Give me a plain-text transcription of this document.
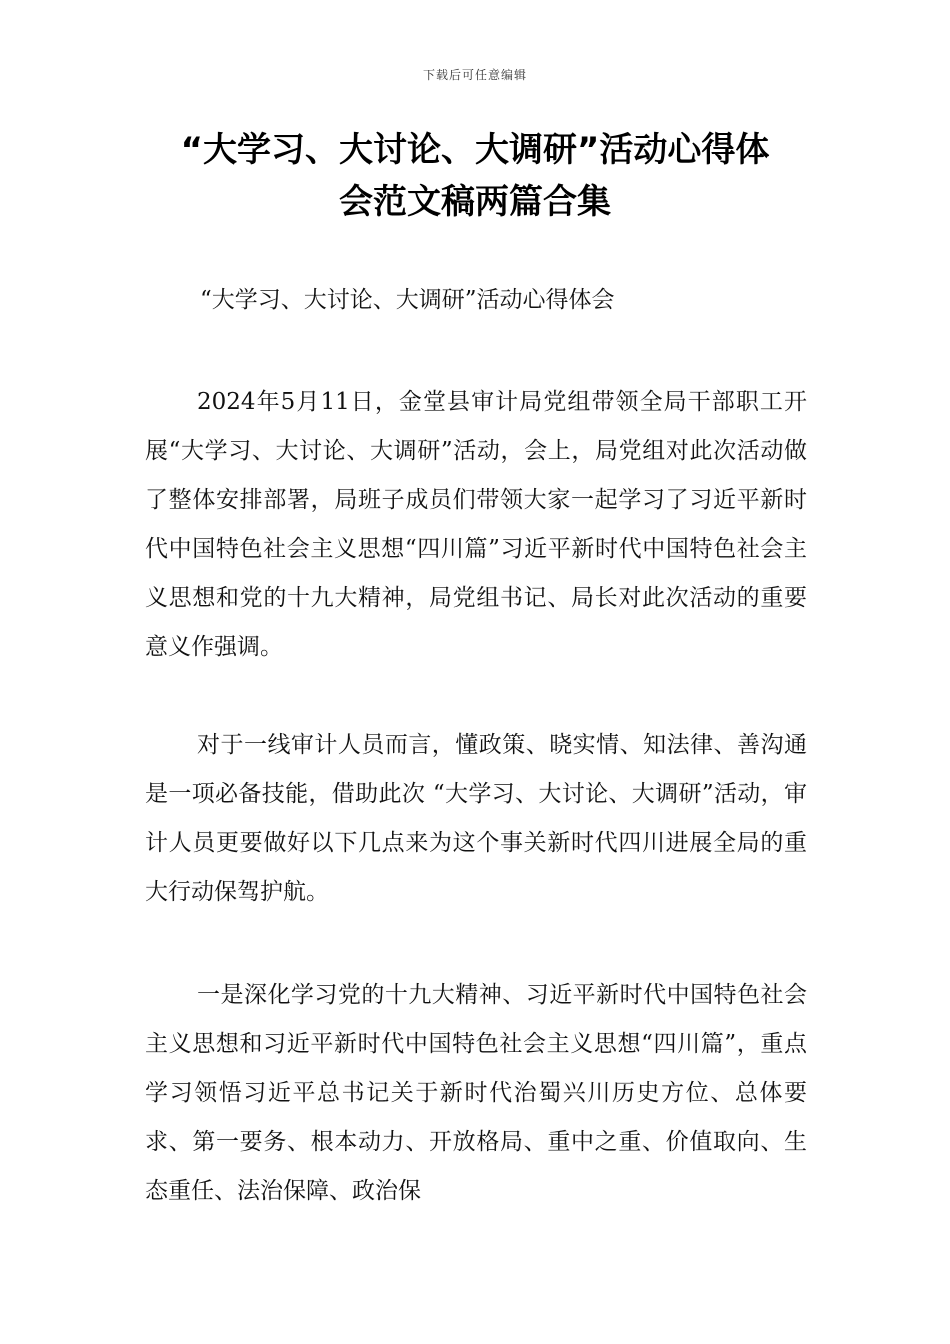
下载后可任意编辑
“大学习、大讨论、大调研”活动心得体
会范文稿两篇合集
“大学习、大讨论、大调研”活动心得体会

2024年5月11日，金堂县审计局党组带领全局干部职工开展“大学习、大讨论、大调研”活动，会上，局党组对此次活动做了整体安排部署，局班子成员们带领大家一起学习了习近平新时代中国特色社会主义思想“四川篇”习近平新时代中国特色社会主义思想和党的十九大精神，局党组书记、局长对此次活动的重要意义作强调。

对于一线审计人员而言，懂政策、晓实情、知法律、善沟通是一项必备技能，借助此次 “大学习、大讨论、大调研”活动，审计人员更要做好以下几点来为这个事关新时代四川进展全局的重大行动保驾护航。

一是深化学习党的十九大精神、习近平新时代中国特色社会主义思想和习近平新时代中国特色社会主义思想“四川篇”，重点学习领悟习近平总书记关于新时代治蜀兴川历史方位、总体要求、第一要务、根本动力、开放格局、重中之重、价值取向、生态重任、法治保障、政治保
